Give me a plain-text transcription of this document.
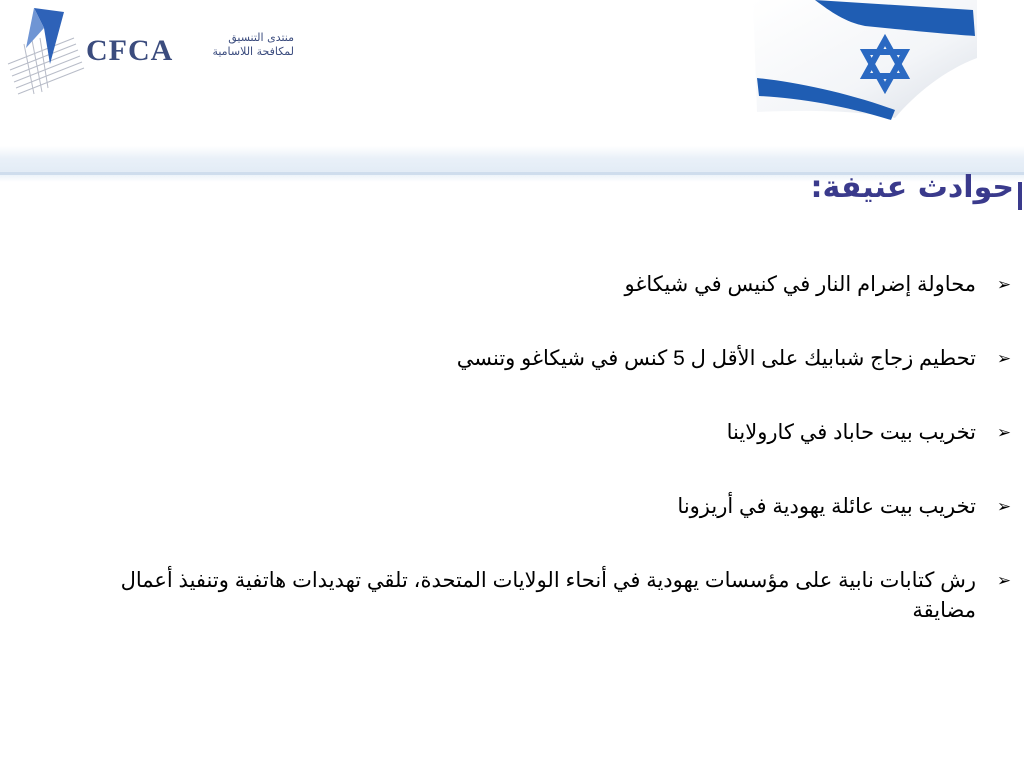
CFCA	منتدى التنسيق لمكافحة اللاسامية
حوادث عنيفة:
➢
محاولة إضرام النار في كنيس في شيكاغو
➢
تحطيم زجاج شبابيك على الأقل ل 5 كنس في شيكاغو وتنسي
➢
تخريب بيت حاباد في كارولاينا
➢
تخريب بيت عائلة يهودية في أريزونا
➢
رش كتابات نابية على مؤسسات يهودية في أنحاء الولايات المتحدة، تلقي تهديدات هاتفية وتنفيذ أعمال مضايقة
